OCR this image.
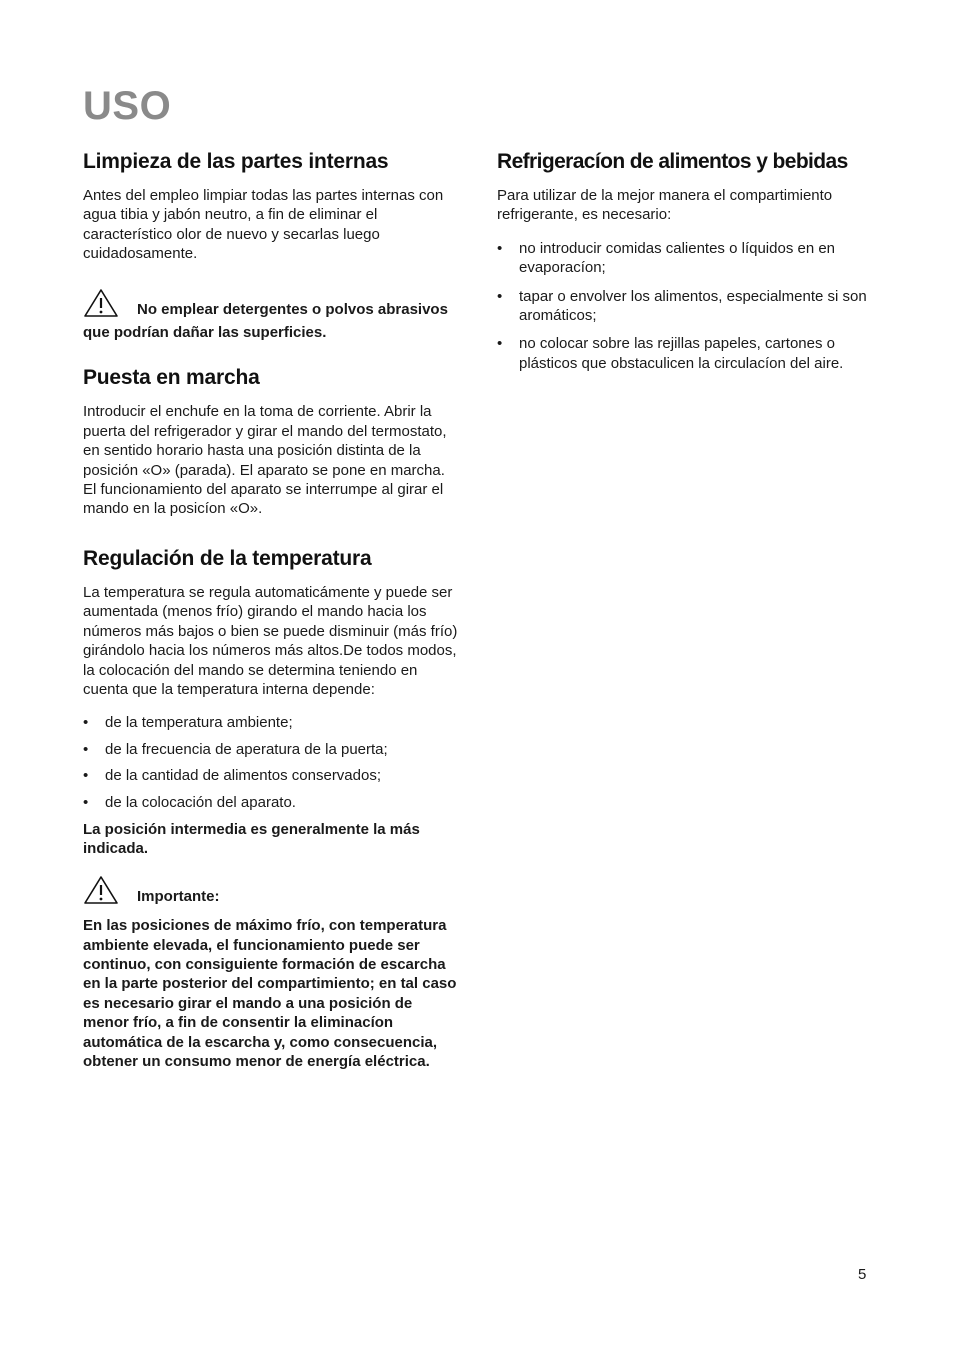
USO
Limpieza de las partes internas

Antes del empleo limpiar todas las partes internas con agua tibia y jabón neutro, a fin de eliminar el característico olor de nuevo y secarlas luego cuidadosamente.

No emplear detergentes o polvos abrasivos que podrían dañar las superficies.
Puesta en marcha

Introducir el enchufe en la toma de corriente. Abrir la puerta del refrigerador y girar el mando del termostato, en sentido horario hasta una posición distinta de la posición «O» (parada). El aparato se pone en marcha.

El funcionamiento del aparato se interrumpe al girar el mando en la posicíon «O».

Regulación de la temperatura

La temperatura se regula automaticámente y puede ser aumentada (menos frío) girando el mando hacia los números más bajos o bien se puede disminuir (más frío) girándolo hacia los números más altos.De todos modos, la colocación del mando se determina teniendo en cuenta que la temperatura interna depende:

• de la temperatura ambiente;
• de la frecuencia de aperatura de la puerta;
• de la cantidad de alimentos conservados;
• de la colocación del aparato.

La posición intermedia es generalmente la más indicada.

Importante:
En las posiciones de máximo frío, con temperatura ambiente elevada, el funcionamiento puede ser continuo, con consiguiente formación de escarcha en la parte posterior del compartimiento; en tal caso es necesario girar el mando a una posición de menor frío, a fin de consentir la eliminacíon automática de la escarcha y, como consecuencia, obtener un consumo menor de energía eléctrica.
Refrigeracíon de alimentos y bebidas

Para utilizar de la mejor manera el compartimiento refrigerante, es necesario:

• no introducir comidas calientes o líquidos en en evaporacíon;
• tapar o envolver los alimentos, especialmente si son aromáticos;
• no colocar sobre las rejillas papeles, cartones o plásticos que obstaculicen la circulacíon del aire.
5
